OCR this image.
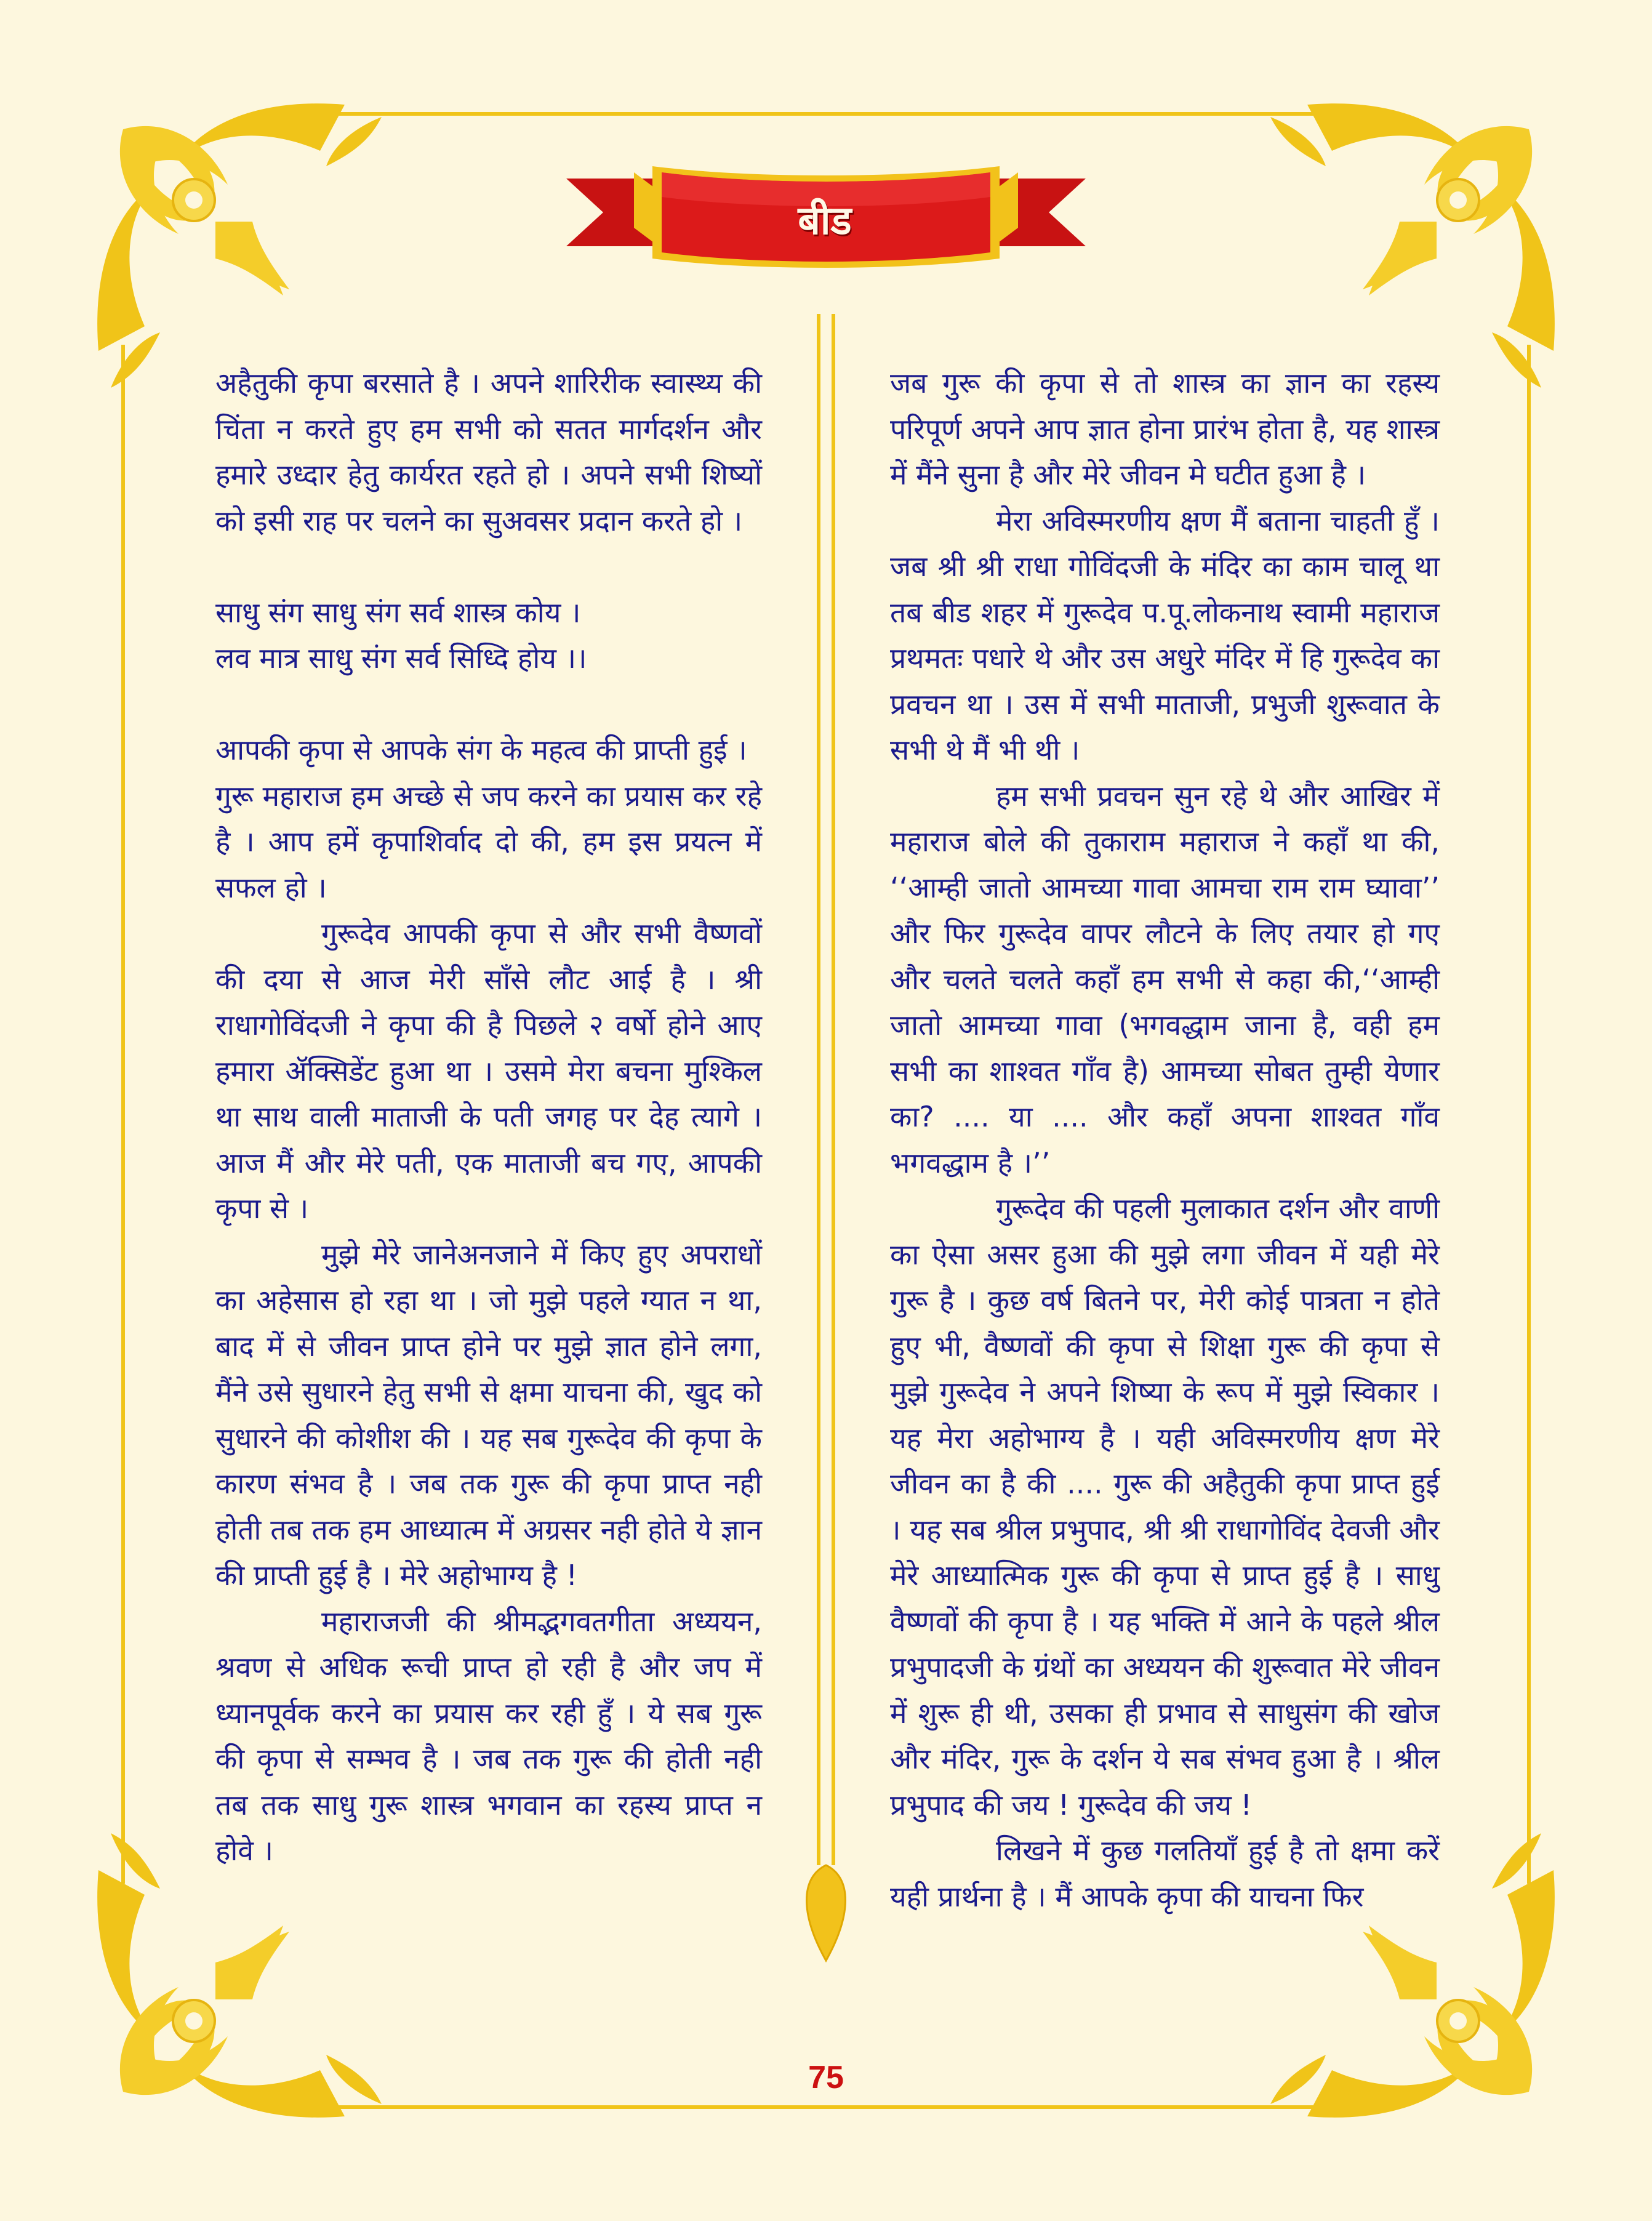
बीड

अहैतुकी कृपा बरसाते है । अपने शारिरीक स्वास्थ्य की चिंता न करते हुए हम सभी को सतत मार्गदर्शन और हमारे उध्दार हेतु कार्यरत रहते हो । अपने सभी शिष्यों को इसी राह पर चलने का सुअवसर प्रदान करते हो ।

साधु संग साधु संग सर्व शास्त्र कोय ।

लव मात्र साधु संग सर्व सिध्दि होय ।।

आपकी कृपा से आपके संग के महत्व की प्राप्ती हुई ।

गुरू महाराज हम अच्छे से जप करने का प्रयास कर रहे है । आप हमें कृपाशिर्वाद दो की, हम इस प्रयत्न में सफल हो ।

गुरूदेव आपकी कृपा से और सभी वैष्णवों की दया से आज मेरी साँसे लौट आई है । श्री राधागोविंदजी ने कृपा की है पिछले २ वर्षो होने आए हमारा ॲक्सिडेंट हुआ था । उसमे मेरा बचना मुश्किल था साथ वाली माताजी के पती जगह पर देह त्यागे । आज मैं और मेरे पती, एक माताजी बच गए, आपकी कृपा से ।

मुझे मेरे जानेअनजाने में किए हुए अपराधों का अहेसास हो रहा था । जो मुझे पहले ग्यात न था, बाद में से जीवन प्राप्त होने पर मुझे ज्ञात होने लगा, मैंने उसे सुधारने हेतु सभी से क्षमा याचना की, खुद को सुधारने की कोशीश की । यह सब गुरूदेव की कृपा के कारण संभव है । जब तक गुरू की कृपा प्राप्त नही होती तब तक हम आध्यात्म में अग्रसर नही होते ये ज्ञान की प्राप्ती हुई है । मेरे अहोभाग्य है !

महाराजजी की श्रीमद्भगवतगीता अध्ययन, श्रवण से अधिक रूची प्राप्त हो रही है और जप में ध्यानपूर्वक करने का प्रयास कर रही हुँ । ये सब गुरू की कृपा से सम्भव है । जब तक गुरू की होती नही तब तक साधु गुरू शास्त्र भगवान का रहस्य प्राप्त न होवे ।

जब गुरू की कृपा से तो शास्त्र का ज्ञान का रहस्य परिपूर्ण अपने आप ज्ञात होना प्रारंभ होता है, यह शास्त्र में मैंने सुना है और मेरे जीवन मे घटीत हुआ है ।

मेरा अविस्मरणीय क्षण मैं बताना चाहती हुँ । जब श्री श्री राधा गोविंदजी के मंदिर का काम चालू था तब बीड शहर में गुरूदेव प.पू.लोकनाथ स्वामी महाराज प्रथमतः पधारे थे और उस अधुरे मंदिर में हि गुरूदेव का प्रवचन था । उस में सभी माताजी, प्रभुजी शुरूवात के सभी थे मैं भी थी ।

हम सभी प्रवचन सुन रहे थे और आखिर में महाराज बोले की तुकाराम महाराज ने कहाँ था की, ‘‘आम्ही जातो आमच्या गावा आमचा राम राम घ्यावा’’ और फिर गुरूदेव वापर लौटने के लिए तयार हो गए और चलते चलते कहाँ हम सभी से कहा की,‘‘आम्ही जातो आमच्या गावा (भगवद्धाम जाना है, वही हम सभी का शाश्वत गाँव है) आमच्या सोबत तुम्ही येणार का? .... या .... और कहाँ अपना शाश्वत गाँव भगवद्धाम है ।’’

गुरूदेव की पहली मुलाकात दर्शन और वाणी का ऐसा असर हुआ की मुझे लगा जीवन में यही मेरे गुरू है । कुछ वर्ष बितने पर, मेरी कोई पात्रता न होते हुए भी, वैष्णवों की कृपा से शिक्षा गुरू की कृपा से मुझे गुरूदेव ने अपने शिष्या के रूप में मुझे स्विकार । यह मेरा अहोभाग्य है । यही अविस्मरणीय क्षण मेरे जीवन का है की .... गुरू की अहैतुकी कृपा प्राप्त हुई । यह सब श्रील प्रभुपाद, श्री श्री राधागोविंद देवजी और मेरे आध्यात्मिक गुरू की कृपा से प्राप्त हुई है । साधु वैष्णवों की कृपा है । यह भक्ति में आने के पहले श्रील प्रभुपादजी के ग्रंथों का अध्ययन की शुरूवात मेरे जीवन में शुरू ही थी, उसका ही प्रभाव से साधुसंग की खोज और मंदिर, गुरू के दर्शन ये सब संभव हुआ है । श्रील प्रभुपाद की जय ! गुरूदेव की जय !

लिखने में कुछ गलतियाँ हुई है तो क्षमा करें यही प्रार्थना है । मैं आपके कृपा की याचना फिर

75
